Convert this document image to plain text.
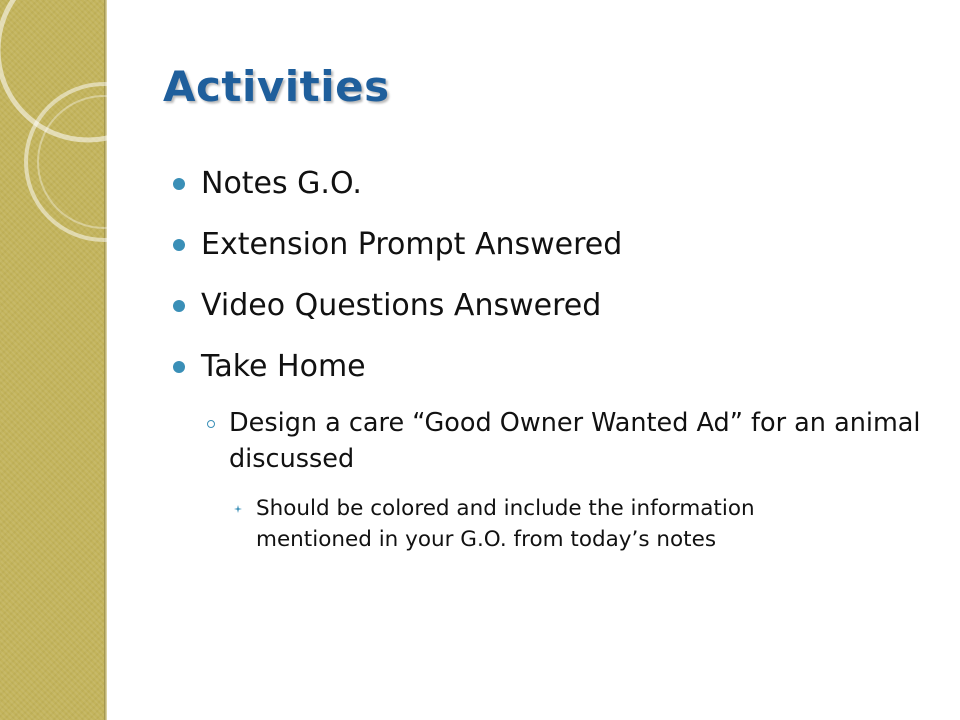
Activities
Notes G.O.
Extension Prompt Answered
Video Questions Answered
Take Home
Design a care “Good Owner Wanted Ad” for an animal discussed
Should be colored and include the information mentioned in your G.O. from today’s notes
